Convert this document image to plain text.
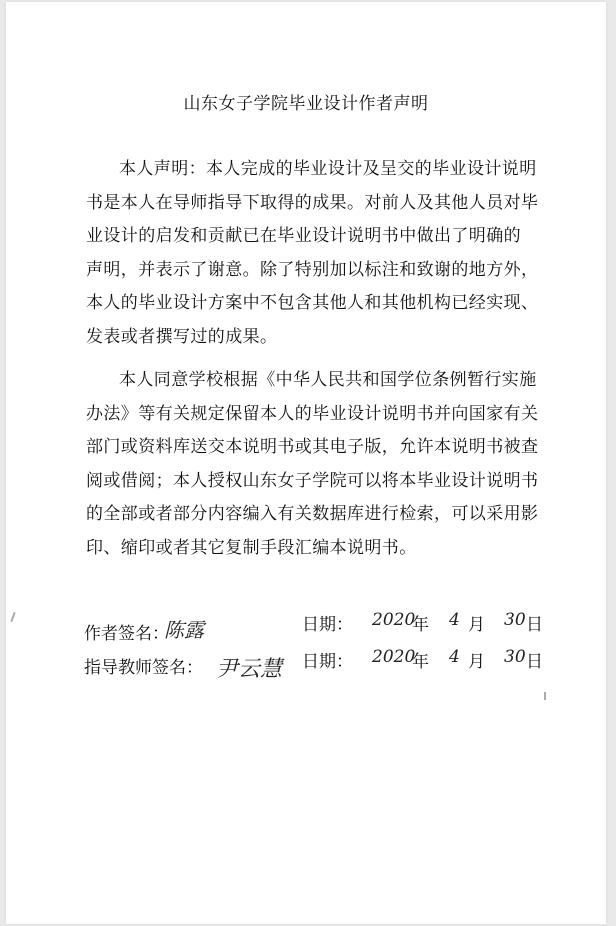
山东女子学院毕业设计作者声明
本人声明：本人完成的毕业设计及呈交的毕业设计说明
书是本人在导师指导下取得的成果。对前人及其他人员对毕
业设计的启发和贡献已在毕业设计说明书中做出了明确的
声明，并表示了谢意。除了特别加以标注和致谢的地方外，
本人的毕业设计方案中不包含其他人和其他机构已经实现、
发表或者撰写过的成果。
本人同意学校根据《中华人民共和国学位条例暂行实施
办法》等有关规定保留本人的毕业设计说明书并向国家有关
部门或资料库送交本说明书或其电子版，允许本说明书被查
阅或借阅；本人授权山东女子学院可以将本毕业设计说明书
的全部或者部分内容编入有关数据库进行检索，可以采用影
印、缩印或者其它复制手段汇编本说明书。
作者签名：
陈露	日期： 2020
年 4 月 30 日
指导教师签名： 尹云慧 日期： 2020
年 4 月 30 日
